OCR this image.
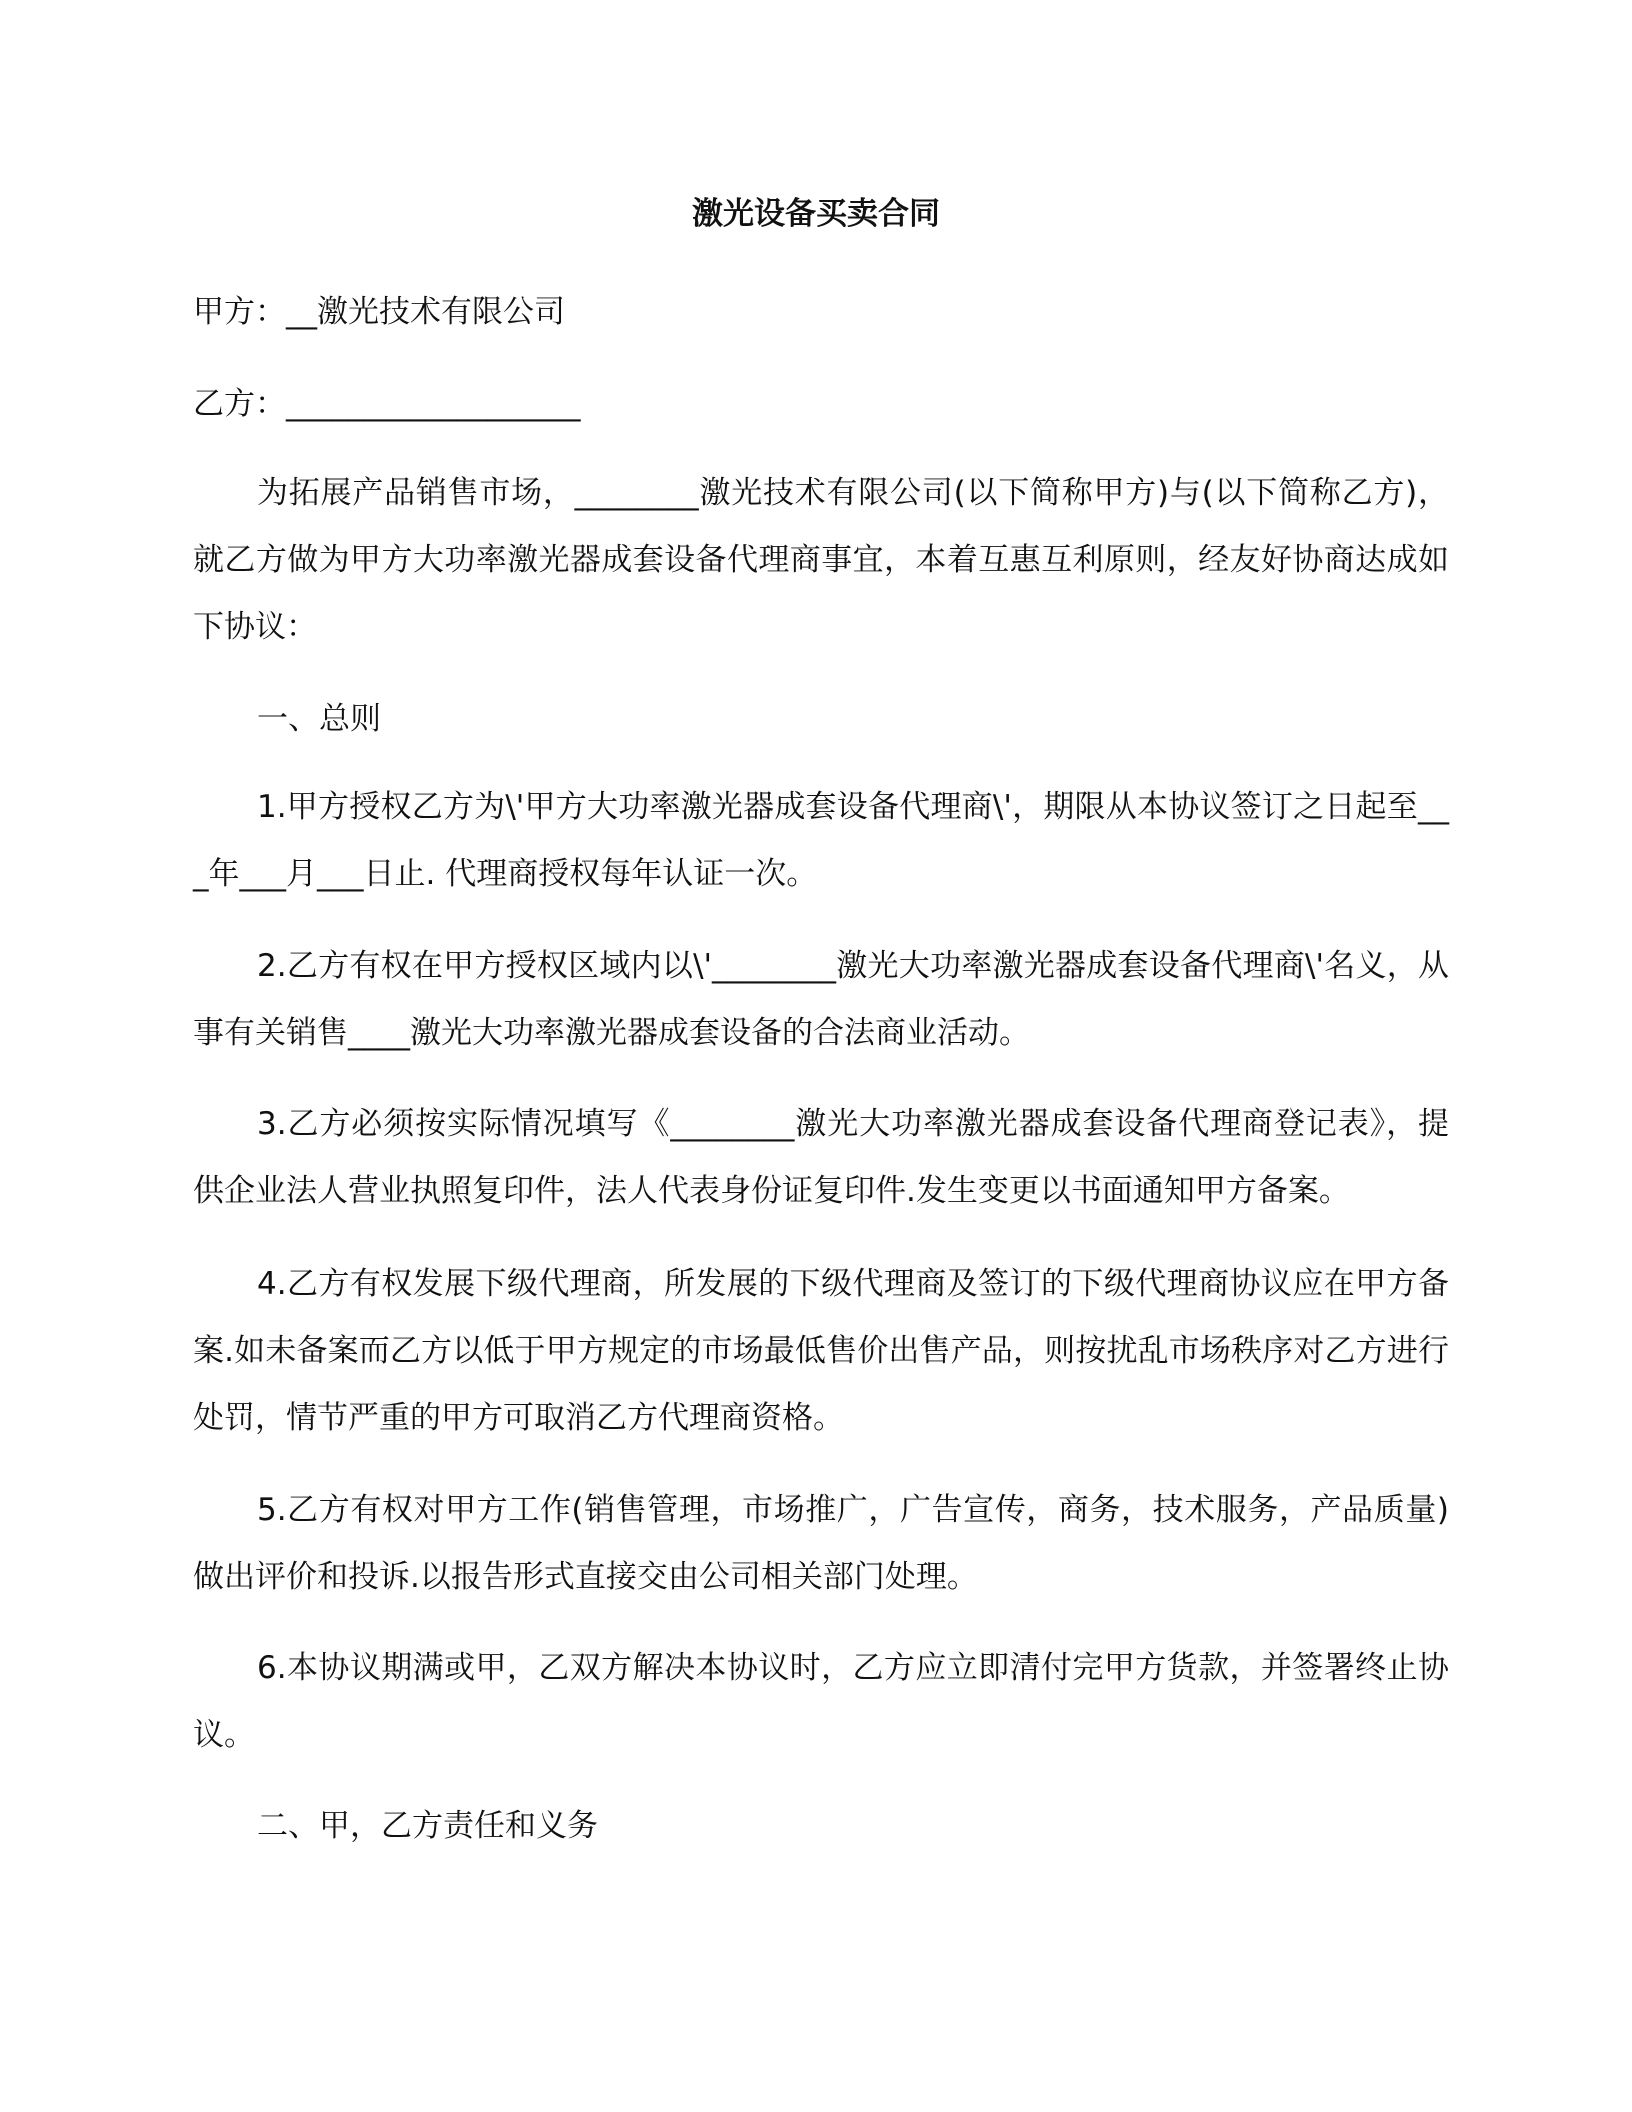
激光设备买卖合同

甲方：__激光技术有限公司

乙方：___________________

为拓展产品销售市场，________激光技术有限公司(以下简称甲方)与(以下简称乙方)，就乙方做为甲方大功率激光器成套设备代理商事宜，本着互惠互利原则，经友好协商达成如下协议：

一、总则

1.甲方授权乙方为\'甲方大功率激光器成套设备代理商\'，期限从本协议签订之日起至___年___月___日止. 代理商授权每年认证一次。

2.乙方有权在甲方授权区域内以\'________激光大功率激光器成套设备代理商\'名义，从事有关销售____激光大功率激光器成套设备的合法商业活动。

3.乙方必须按实际情况填写《________激光大功率激光器成套设备代理商登记表》，提供企业法人营业执照复印件，法人代表身份证复印件.发生变更以书面通知甲方备案。

4.乙方有权发展下级代理商，所发展的下级代理商及签订的下级代理商协议应在甲方备案.如未备案而乙方以低于甲方规定的市场最低售价出售产品，则按扰乱市场秩序对乙方进行处罚，情节严重的甲方可取消乙方代理商资格。

5.乙方有权对甲方工作(销售管理，市场推广，广告宣传，商务，技术服务，产品质量)做出评价和投诉.以报告形式直接交由公司相关部门处理。

6.本协议期满或甲，乙双方解决本协议时，乙方应立即清付完甲方货款，并签署终止协议。

二、甲，乙方责任和义务
